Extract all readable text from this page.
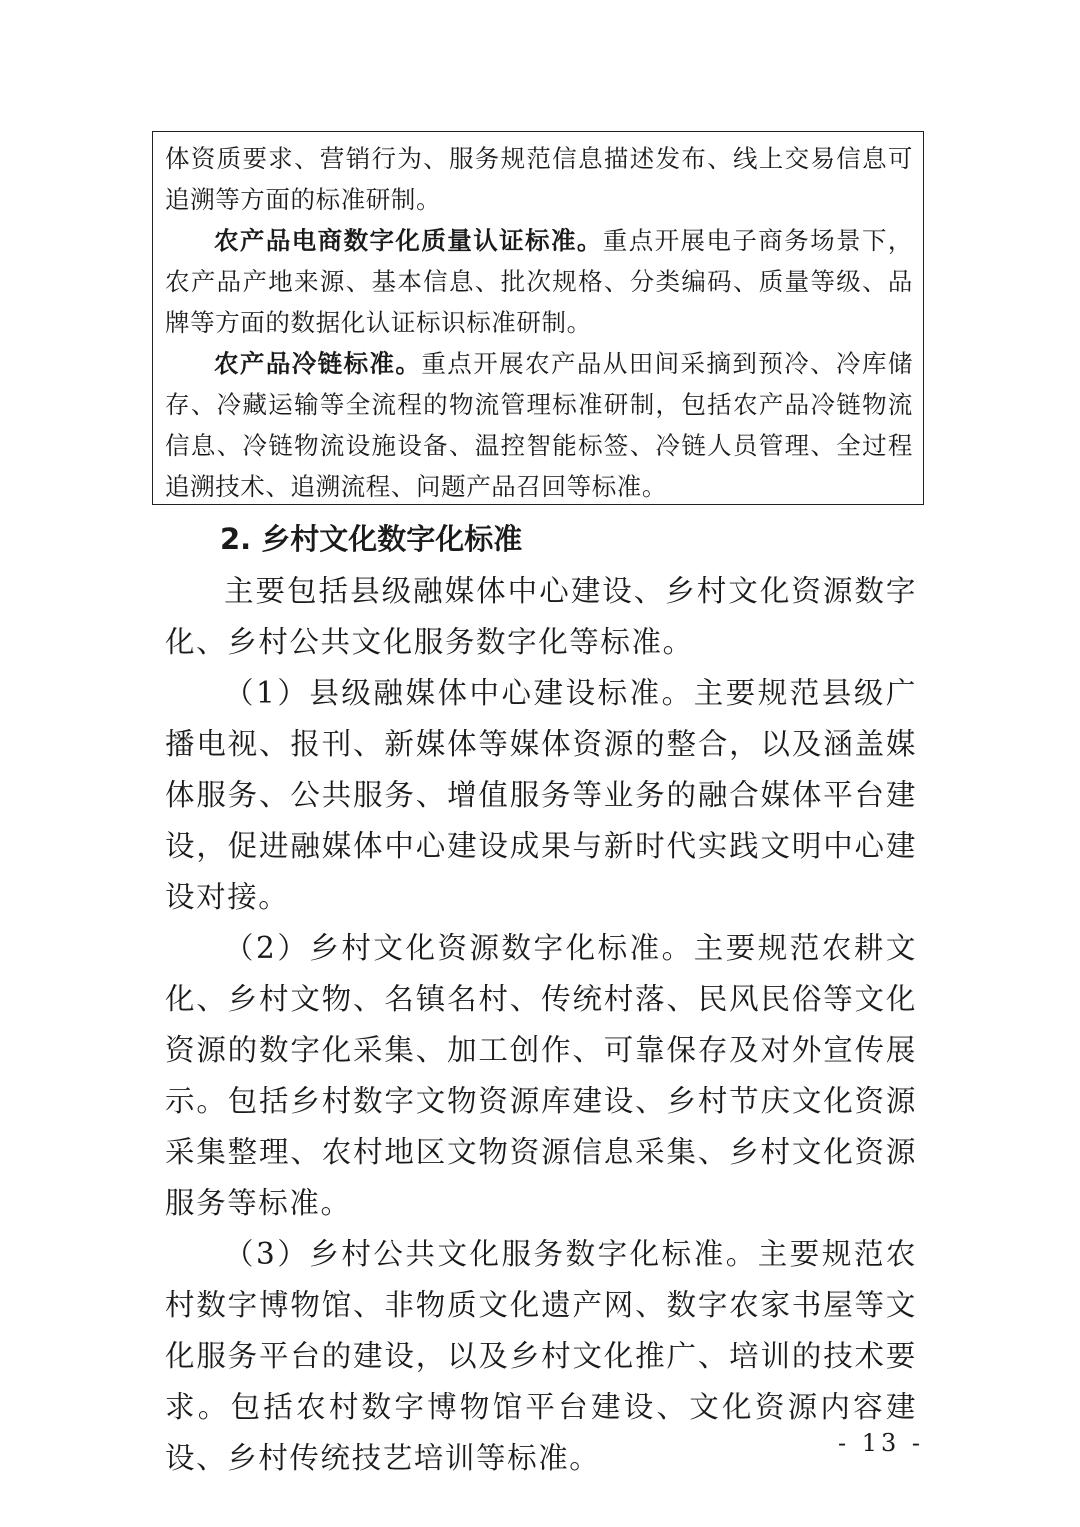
体资质要求、营销行为、服务规范信息描述发布、线上交易信息可追溯等方面的标准研制。

农产品电商数字化质量认证标准。重点开展电子商务场景下，农产品产地来源、基本信息、批次规格、分类编码、质量等级、品牌等方面的数据化认证标识标准研制。

农产品冷链标准。重点开展农产品从田间采摘到预冷、冷库储存、冷藏运输等全流程的物流管理标准研制，包括农产品冷链物流信息、冷链物流设施设备、温控智能标签、冷链人员管理、全过程追溯技术、追溯流程、问题产品召回等标准。

2. 乡村文化数字化标准

主要包括县级融媒体中心建设、乡村文化资源数字化、乡村公共文化服务数字化等标准。

（1）县级融媒体中心建设标准。主要规范县级广播电视、报刊、新媒体等媒体资源的整合，以及涵盖媒体服务、公共服务、增值服务等业务的融合媒体平台建设，促进融媒体中心建设成果与新时代实践文明中心建设对接。

（2）乡村文化资源数字化标准。主要规范农耕文化、乡村文物、名镇名村、传统村落、民风民俗等文化资源的数字化采集、加工创作、可靠保存及对外宣传展示。包括乡村数字文物资源库建设、乡村节庆文化资源采集整理、农村地区文物资源信息采集、乡村文化资源服务等标准。

（3）乡村公共文化服务数字化标准。主要规范农村数字博物馆、非物质文化遗产网、数字农家书屋等文化服务平台的建设，以及乡村文化推广、培训的技术要求。包括农村数字博物馆平台建设、文化资源内容建设、乡村传统技艺培训等标准。	- 13 -
